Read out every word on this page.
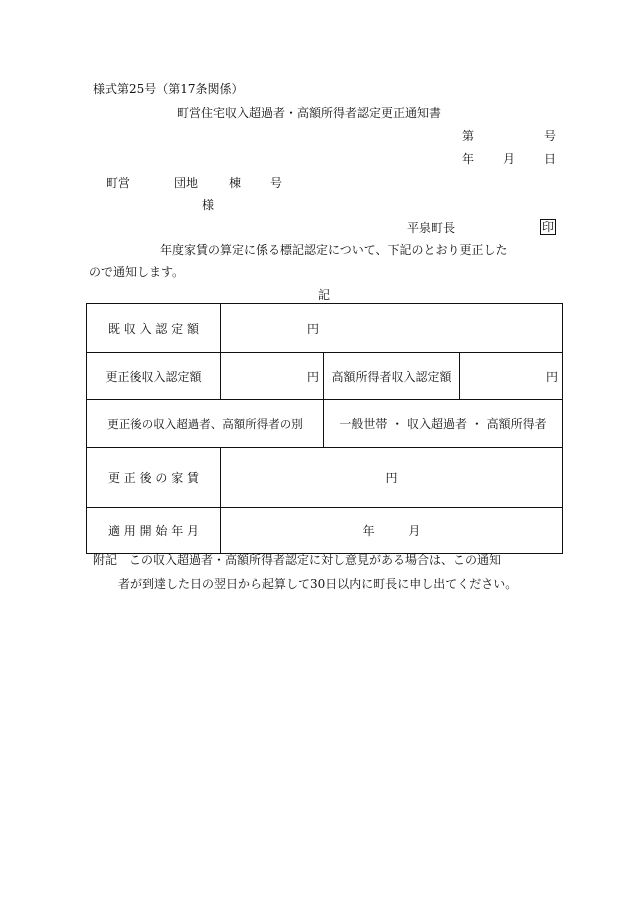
様式第25号（第17条関係）
町営住宅収入超過者・高額所得者認定更正通知書
第	号
年 月 日
町営	団地	棟 号
様
平泉町長	印
年度家賃の算定に係る標記認定について、下記のとおり更正した
ので通知します。
記
既 収 入 認 定 額	円		
更正後収入認定額	円	高額所得者収入認定額	円
更正後の収入超過者、高額所得者の別		一般世帯 ・ 収入超過者 ・ 高額所得者	
更 正 後 の 家 賃	円		
適 用 開 始 年 月	年 月		
附記　この収入超過者・高額所得者認定に対し意見がある場合は、この通知
者が到達した日の翌日から起算して30日以内に町長に申し出てください。
